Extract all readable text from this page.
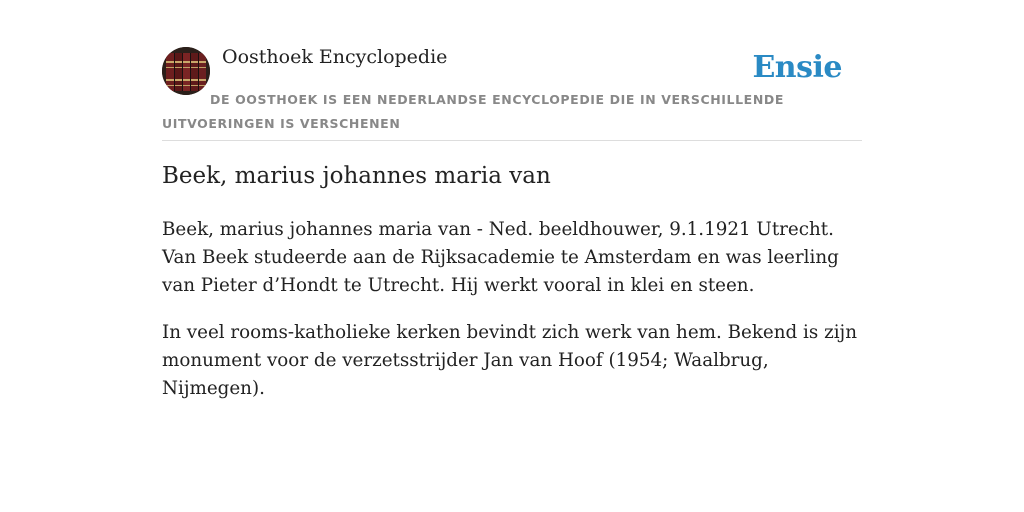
Oosthoek Encyclopedie	Ensie
DE OOSTHOEK IS EEN NEDERLANDSE ENCYCLOPEDIE DIE IN VERSCHILLENDE UITVOERINGEN IS VERSCHENEN
Beek, marius johannes maria van

Beek, marius johannes maria van - Ned. beeldhouwer, 9.1.1921 Utrecht. Van Beek studeerde aan de Rijksacademie te Amsterdam en was leerling van Pieter d’Hondt te Utrecht. Hij werkt vooral in klei en steen.

In veel rooms-katholieke kerken bevindt zich werk van hem. Bekend is zijn monument voor de verzetsstrijder Jan van Hoof (1954; Waalbrug, Nijmegen).
